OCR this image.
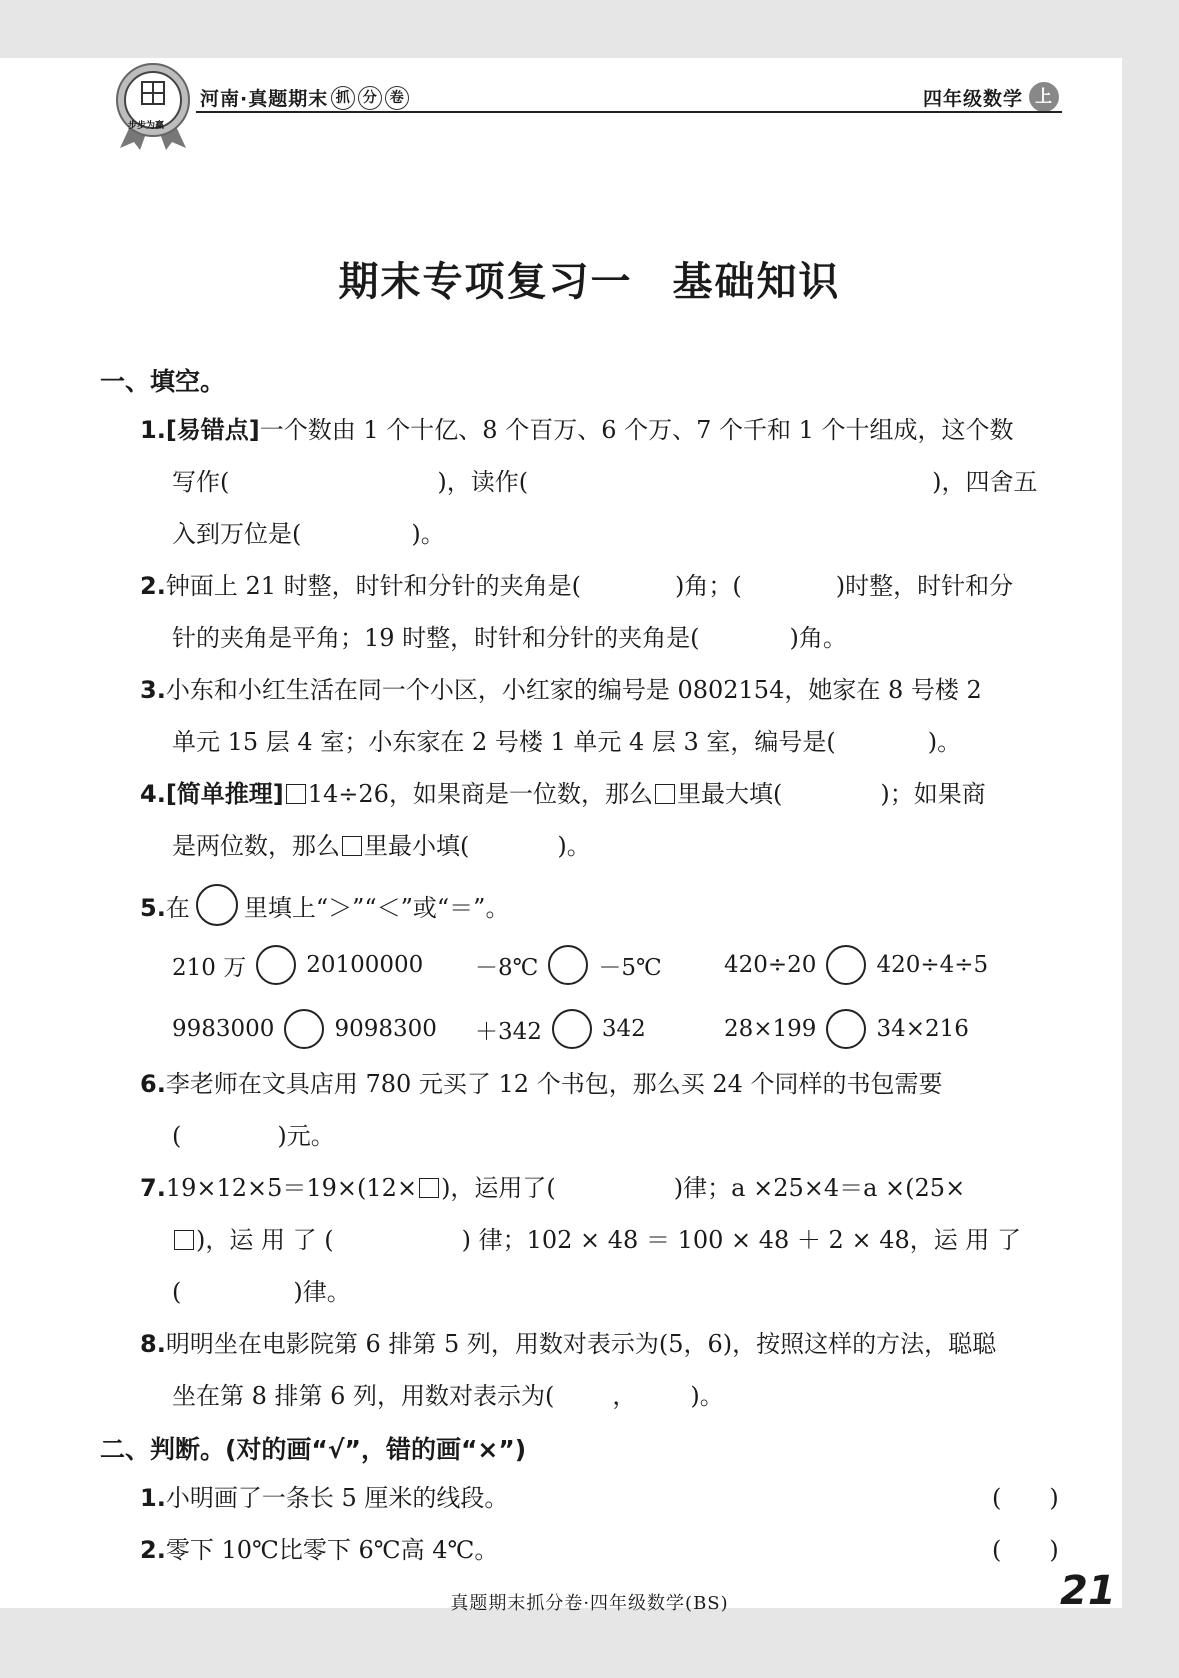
步步为赢
河南·真题期末 抓 分 卷	四年级数学 上
期末专项复习一 基础知识
一、填空。
1.[易错点]一个数由 1 个十亿、8 个百万、6 个万、7 个千和 1 个十组成，这个数
写作(	)，读作(	)，四舍五
入到万位是(	)。
2.钟面上 21 时整，时针和分针的夹角是(	)角；(	)时整，时针和分
针的夹角是平角；19 时整，时针和分针的夹角是(	)角。
3.小东和小红生活在同一个小区，小红家的编号是 0802154，她家在 8 号楼 2
单元 15 层 4 室；小东家在 2 号楼 1 单元 4 层 3 室，编号是(	)。
4.[简单推理] 14÷26，如果商是一位数，那么 里最大填(	)；如果商
是两位数，那么 里最小填(	)。
5.在 里填上“＞”“＜”或“＝”。
210 万	20100000 －8℃	－5℃	420÷20	420÷4÷5
9983000	9098300 ＋342	342	28×199	34×216
6.李老师在文具店用 780 元买了 12 个书包，那么买 24 个同样的书包需要
(	)元。
7.19×12×5＝19×(12× )，运用了(	)律；a ×25×4＝a ×(25×
)，运 用 了 (	) 律；102 × 48 ＝ 100 × 48 ＋ 2 × 48，运 用 了
(	)律。
8.明明坐在电影院第 6 排第 5 列，用数对表示为(5，6)，按照这样的方法，聪聪
坐在第 8 排第 6 列，用数对表示为( ， )。
二、判断。(对的画“√”，错的画“×”)
1.小明画了一条长 5 厘米的线段。	(　　)
2.零下 10℃比零下 6℃高 4℃。	(　　)
真题期末抓分卷·四年级数学(BS)	21
